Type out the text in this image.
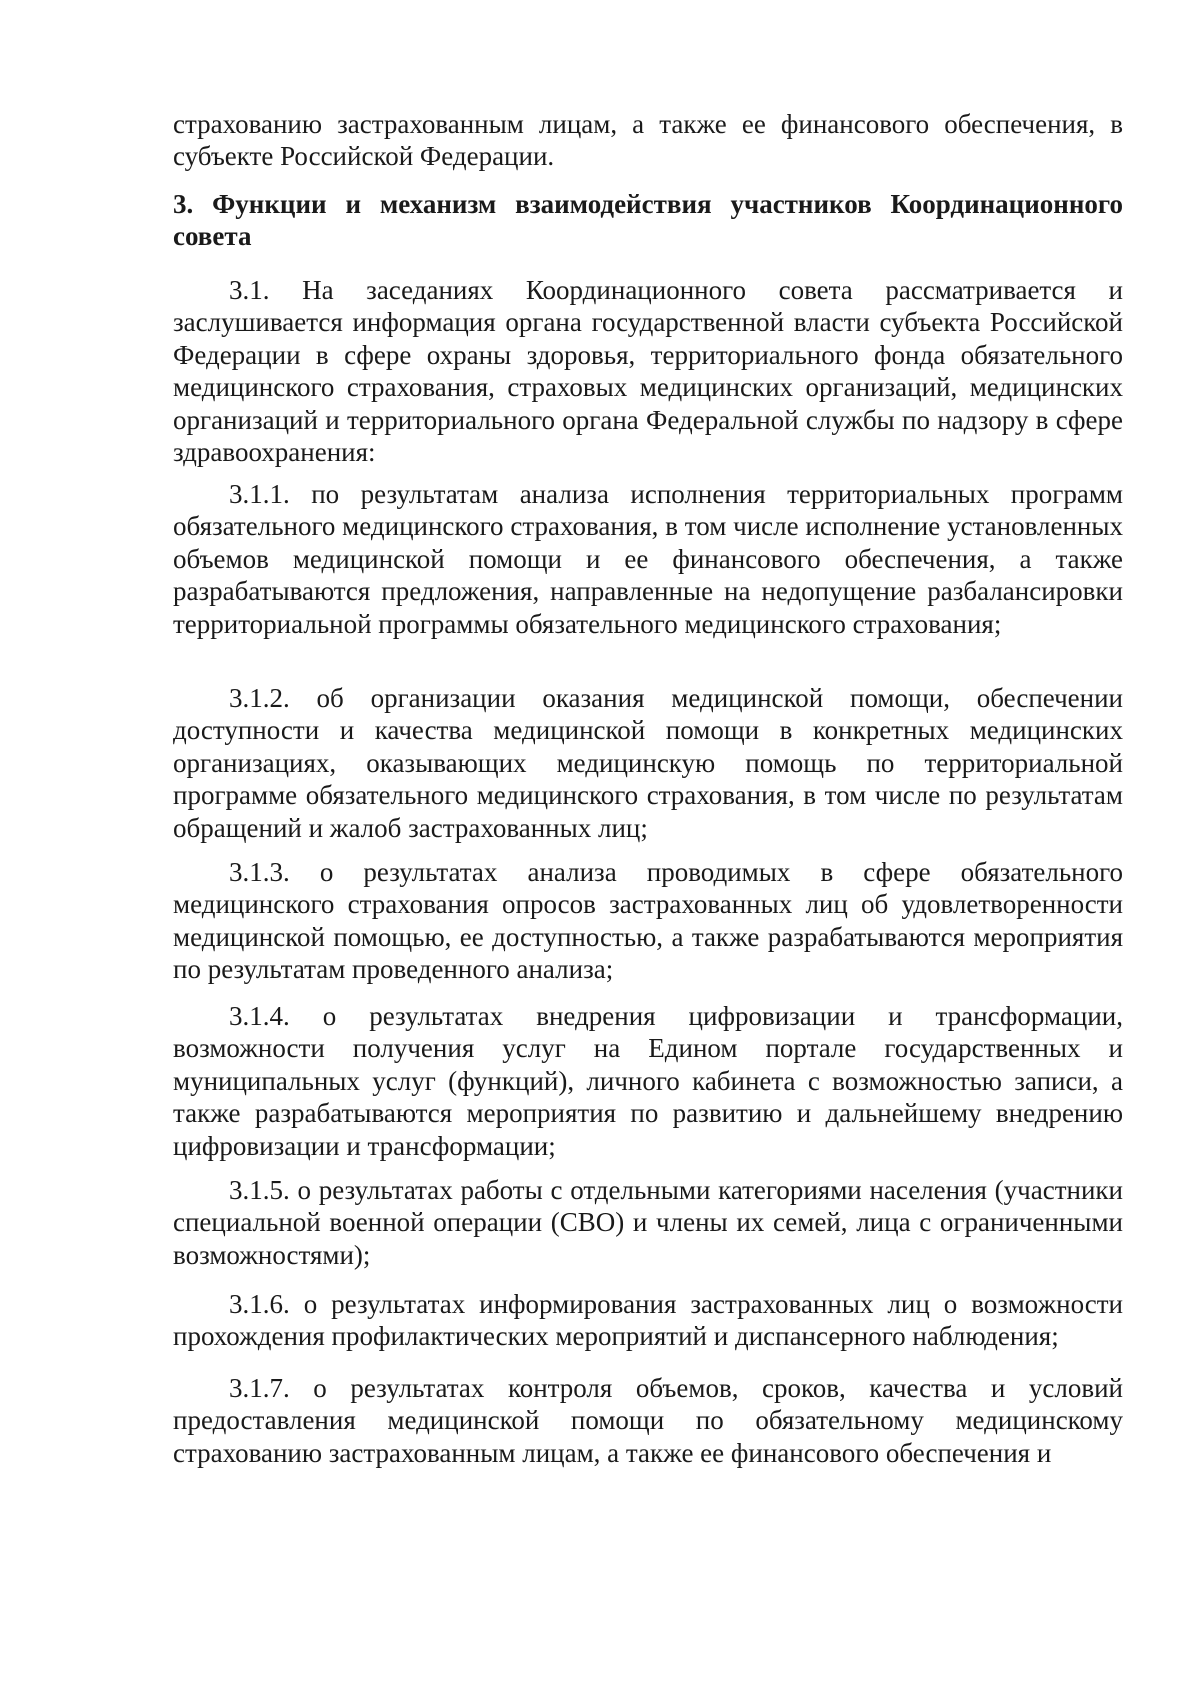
страхованию застрахованным лицам, а также ее финансового обеспечения, в субъекте Российской Федерации.

3. Функции и механизм взаимодействия участников Координационного совета

3.1. На заседаниях Координационного совета рассматривается и заслушивается информация органа государственной власти субъекта Российской Федерации в сфере охраны здоровья, территориального фонда обязательного медицинского страхования, страховых медицинских организаций, медицинских организаций и территориального органа Федеральной службы по надзору в сфере здравоохранения:

3.1.1. по результатам анализа исполнения территориальных программ обязательного медицинского страхования, в том числе исполнение установленных объемов медицинской помощи и ее финансового обеспечения, а также разрабатываются предложения, направленные на недопущение разбалансировки территориальной программы обязательного медицинского страхования;

3.1.2. об организации оказания медицинской помощи, обеспечении доступности и качества медицинской помощи в конкретных медицинских организациях, оказывающих медицинскую помощь по территориальной программе обязательного медицинского страхования, в том числе по результатам обращений и жалоб застрахованных лиц;

3.1.3. о результатах анализа проводимых в сфере обязательного медицинского страхования опросов застрахованных лиц об удовлетворенности медицинской помощью, ее доступностью, а также разрабатываются мероприятия по результатам проведенного анализа;

3.1.4. о результатах внедрения цифровизации и трансформации, возможности получения услуг на Едином портале государственных и муниципальных услуг (функций), личного кабинета с возможностью записи, а также разрабатываются мероприятия по развитию и дальнейшему внедрению цифровизации и трансформации;

3.1.5. о результатах работы с отдельными категориями населения (участники специальной военной операции (СВО) и члены их семей, лица с ограниченными возможностями);

3.1.6. о результатах информирования застрахованных лиц о возможности прохождения профилактических мероприятий и диспансерного наблюдения;

3.1.7. о результатах контроля объемов, сроков, качества и условий предоставления медицинской помощи по обязательному медицинскому страхованию застрахованным лицам, а также ее финансового обеспечения и
